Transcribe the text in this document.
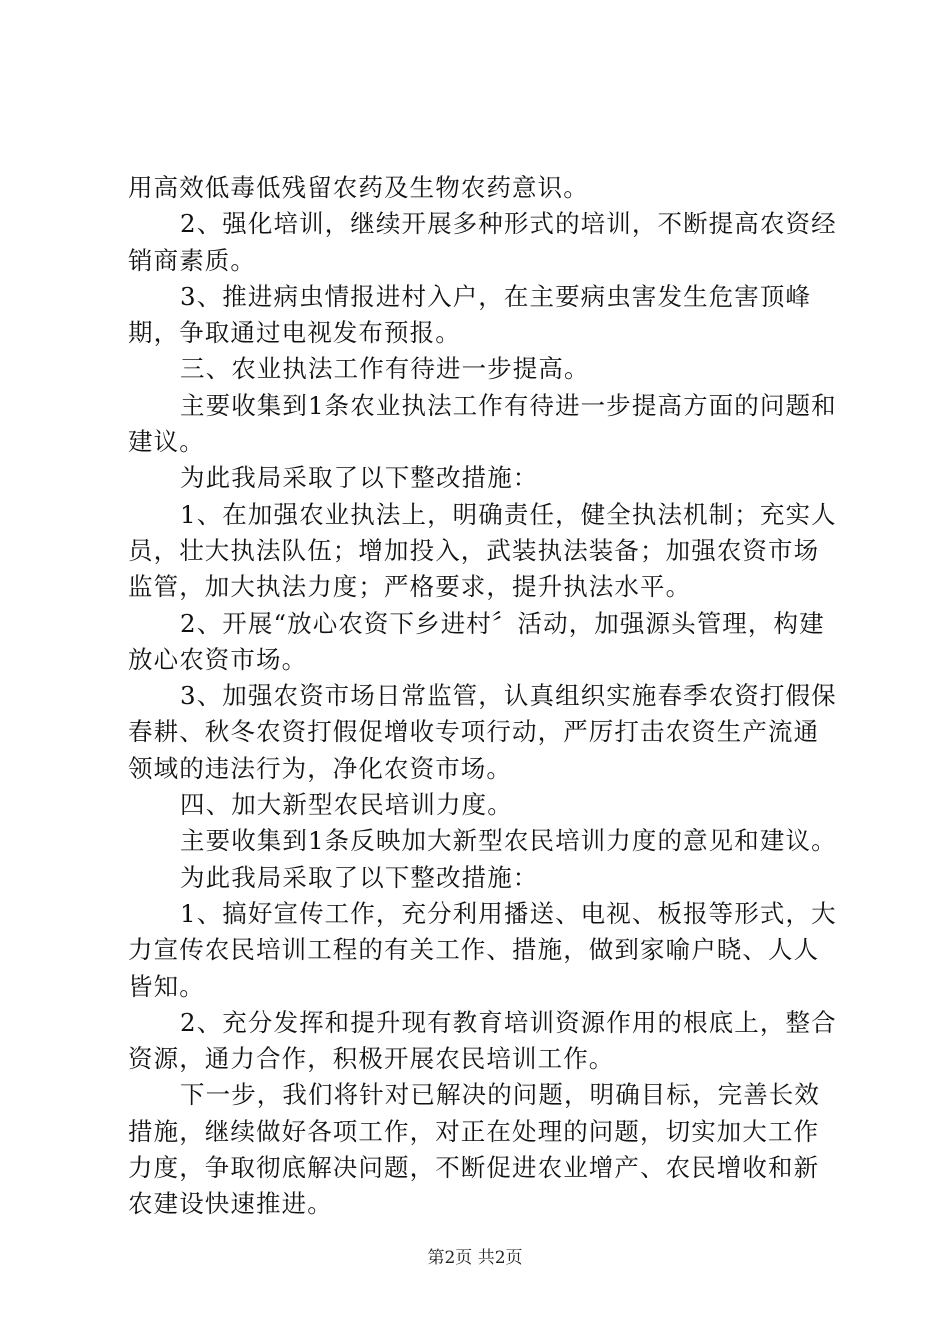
用高效低毒低残留农药及生物农药意识。

2、强化培训，继续开展多种形式的培训，不断提高农资经销商素质。

3、推进病虫情报进村入户，在主要病虫害发生危害顶峰期，争取通过电视发布预报。

三、农业执法工作有待进一步提高。

主要收集到1条农业执法工作有待进一步提高方面的问题和建议。

为此我局采取了以下整改措施：

1、在加强农业执法上，明确责任，健全执法机制；充实人员，壮大执法队伍；增加投入，武装执法装备；加强农资市场监管，加大执法力度；严格要求，提升执法水平。

2、开展“放心农资下乡进村〞活动，加强源头管理，构建放心农资市场。

3、加强农资市场日常监管，认真组织实施春季农资打假保春耕、秋冬农资打假促增收专项行动，严厉打击农资生产流通领域的违法行为，净化农资市场。

四、加大新型农民培训力度。

主要收集到1条反映加大新型农民培训力度的意见和建议。

为此我局采取了以下整改措施：

1、搞好宣传工作，充分利用播送、电视、板报等形式，大力宣传农民培训工程的有关工作、措施，做到家喻户晓、人人皆知。

2、充分发挥和提升现有教育培训资源作用的根底上，整合资源，通力合作，积极开展农民培训工作。

下一步，我们将针对已解决的问题，明确目标，完善长效措施，继续做好各项工作，对正在处理的问题，切实加大工作力度，争取彻底解决问题，不断促进农业增产、农民增收和新农建设快速推进。

第2页 共2页
